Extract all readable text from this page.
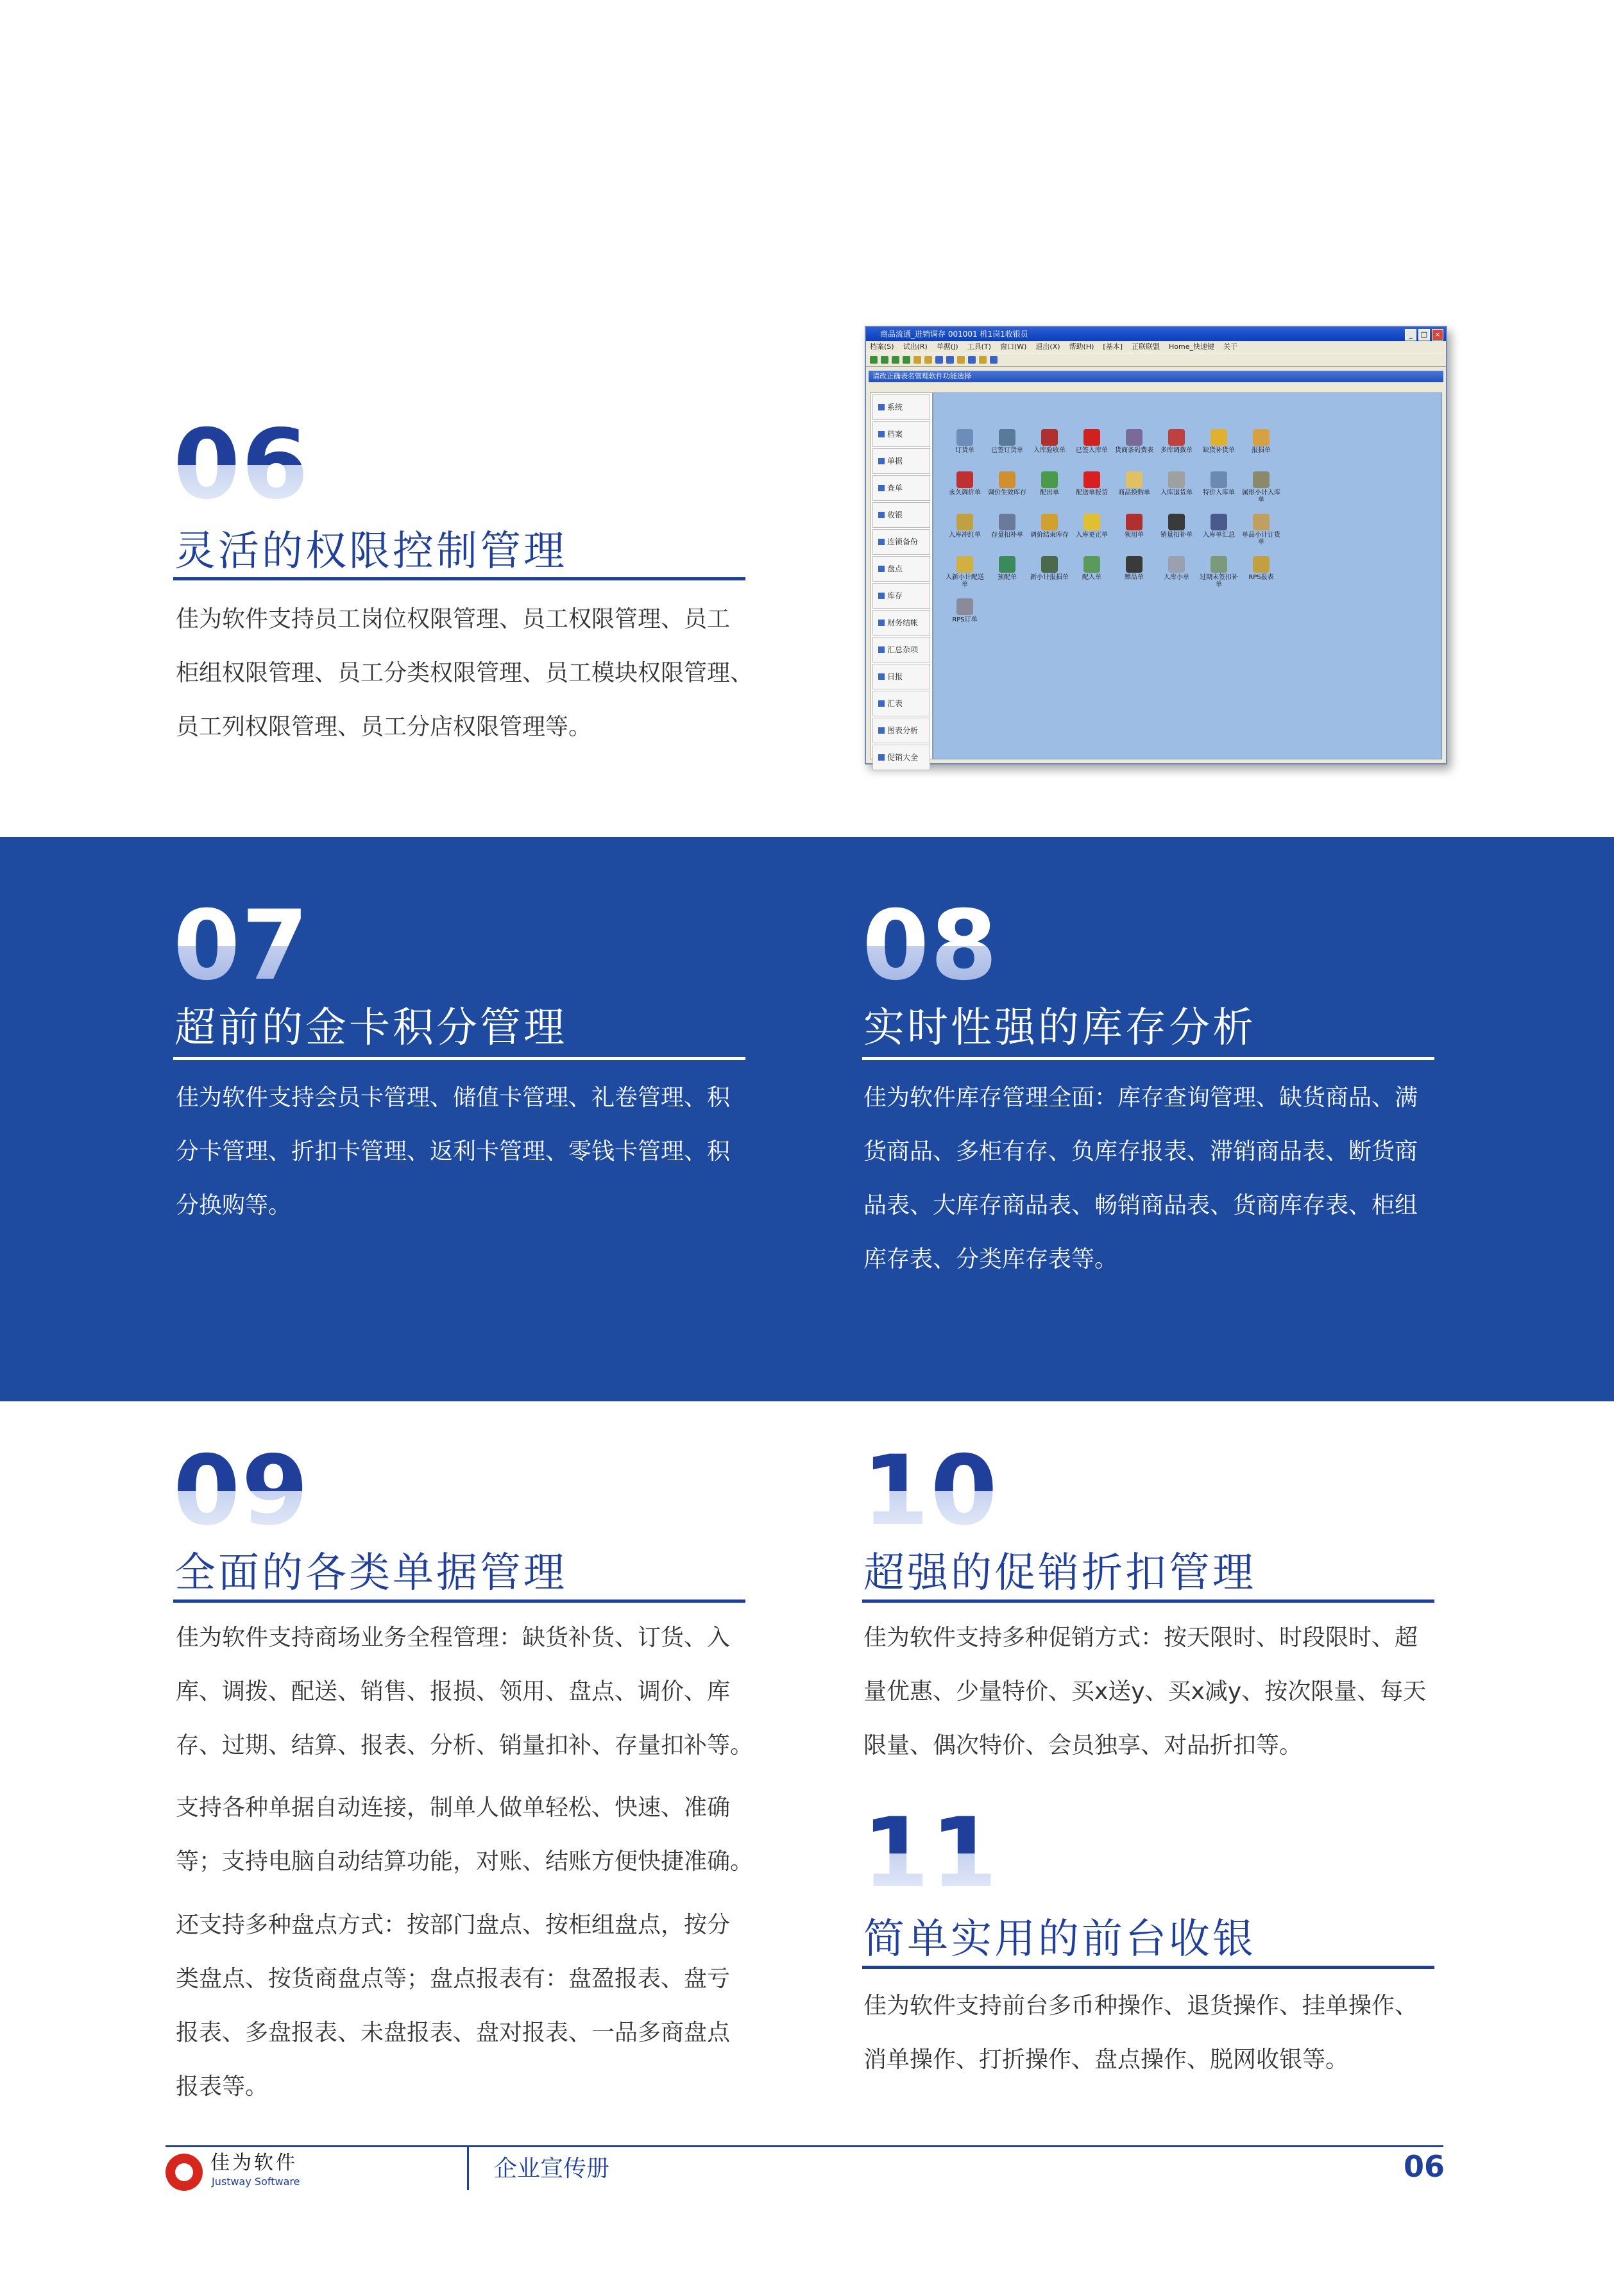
06
灵活的权限控制管理

佳为软件支持员工岗位权限管理、员工权限管理、员工

柜组权限管理、员工分类权限管理、员工模块权限管理、

员工列权限管理、员工分店权限管理等。

商品流通_进销调存 001001 机1岗1收银员	_	□	×
档案(S) 试出(R) 单据(J) 工具(T) 窗口(W) 退出(X) 帮助(H) [基本] 正联联盟 Home_快速键 关于
请改正确表名管理软件功能选择
系统
档案
单据
查单
收银
连锁备份
盘点
库存
财务结帐
汇总杂项
日报
汇表
图表分析
促销大全
订货单	已签订货单	入库验收单	已签入库单	货商条码费表	多库调拨单	缺货补货单	报损单
永久调价单	调价生效库存	配出单	配送单报货	商品换购单	入库退货单	特价入库单	属形小计入库单
入库冲红单	存量扣补单	调价结束库存	入库更正单	领用单	销量扣补单	入库单汇总	单品小计订货单
入新小计配送单
预配单	新小计报损单	配入单	赠品单	入库小单	过期未签扣补单
RPS报表
RPS订单
07
超前的金卡积分管理

佳为软件支持会员卡管理、储值卡管理、礼卷管理、积

分卡管理、折扣卡管理、返利卡管理、零钱卡管理、积

分换购等。

08
实时性强的库存分析

佳为软件库存管理全面：库存查询管理、缺货商品、满

货商品、多柜有存、负库存报表、滞销商品表、断货商

品表、大库存商品表、畅销商品表、货商库存表、柜组

库存表、分类库存表等。

09
全面的各类单据管理

佳为软件支持商场业务全程管理：缺货补货、订货、入

库、调拨、配送、销售、报损、领用、盘点、调价、库

存、过期、结算、报表、分析、销量扣补、存量扣补等。

支持各种单据自动连接，制单人做单轻松、快速、准确

等；支持电脑自动结算功能，对账、结账方便快捷准确。

还支持多种盘点方式：按部门盘点、按柜组盘点，按分

类盘点、按货商盘点等；盘点报表有：盘盈报表、盘亏

报表、多盘报表、未盘报表、盘对报表、一品多商盘点

报表等。

10
超强的促销折扣管理

佳为软件支持多种促销方式：按天限时、时段限时、超

量优惠、少量特价、买x送y、买x减y、按次限量、每天

限量、偶次特价、会员独享、对品折扣等。

11
简单实用的前台收银

佳为软件支持前台多币种操作、退货操作、挂单操作、

消单操作、打折操作、盘点操作、脱网收银等。

佳为软件
Justway Software	企业宣传册	06
